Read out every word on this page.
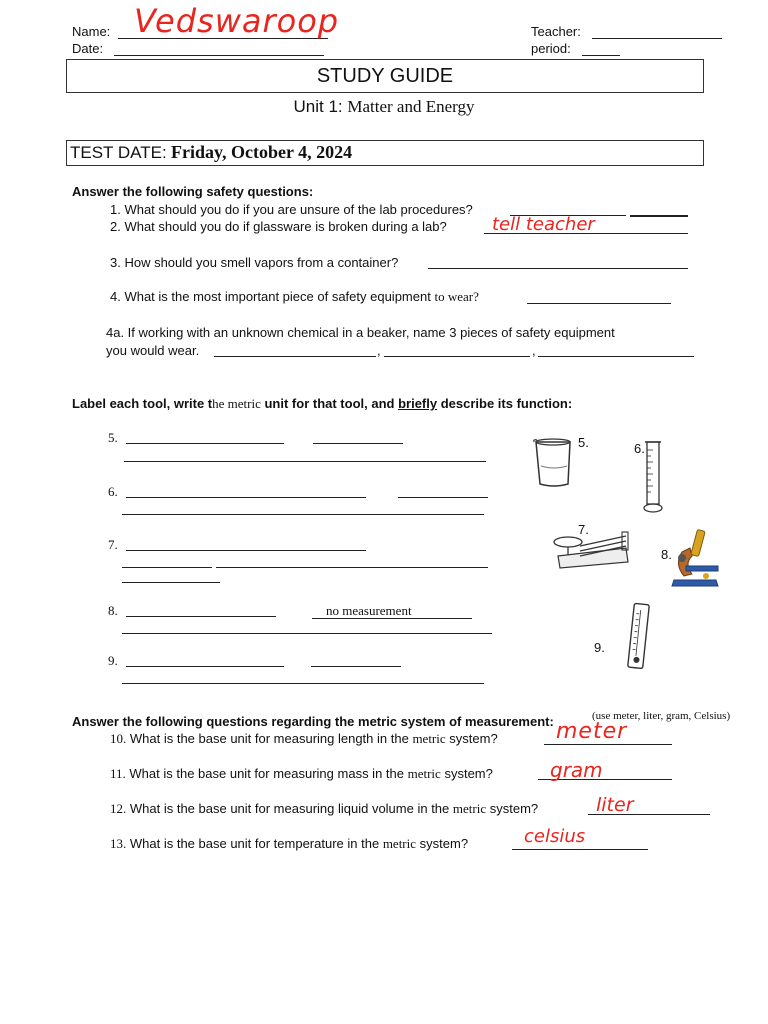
Name: Vedswaroop
Date:
Teacher:
period:
STUDY GUIDE
Unit 1: Matter and Energy
TEST DATE: Friday, October 4, 2024
Answer the following safety questions:
1. What should you do if you are unsure of the lab procedures?
2. What should you do if glassware is broken during a lab?	tell teacher
3. How should you smell vapors from a container?
4. What is the most important piece of safety equipment to wear?
4a. If working with an unknown chemical in a beaker, name 3 pieces of safety equipment
you would wear.	,	,
Label each tool, write the metric unit for that tool, and briefly describe its function:
5.
6.
7.
8.	no measurement
9.
5.	6.
7.
8.
9.
Answer the following questions regarding the metric system of measurement:	(use meter, liter, gram, Celsius)
10. What is the base unit for measuring length in the metric system?	meter
11. What is the base unit for measuring mass in the metric system?	gram
12. What is the base unit for measuring liquid volume in the metric system?	liter
13. What is the base unit for temperature in the metric system?	celsius
